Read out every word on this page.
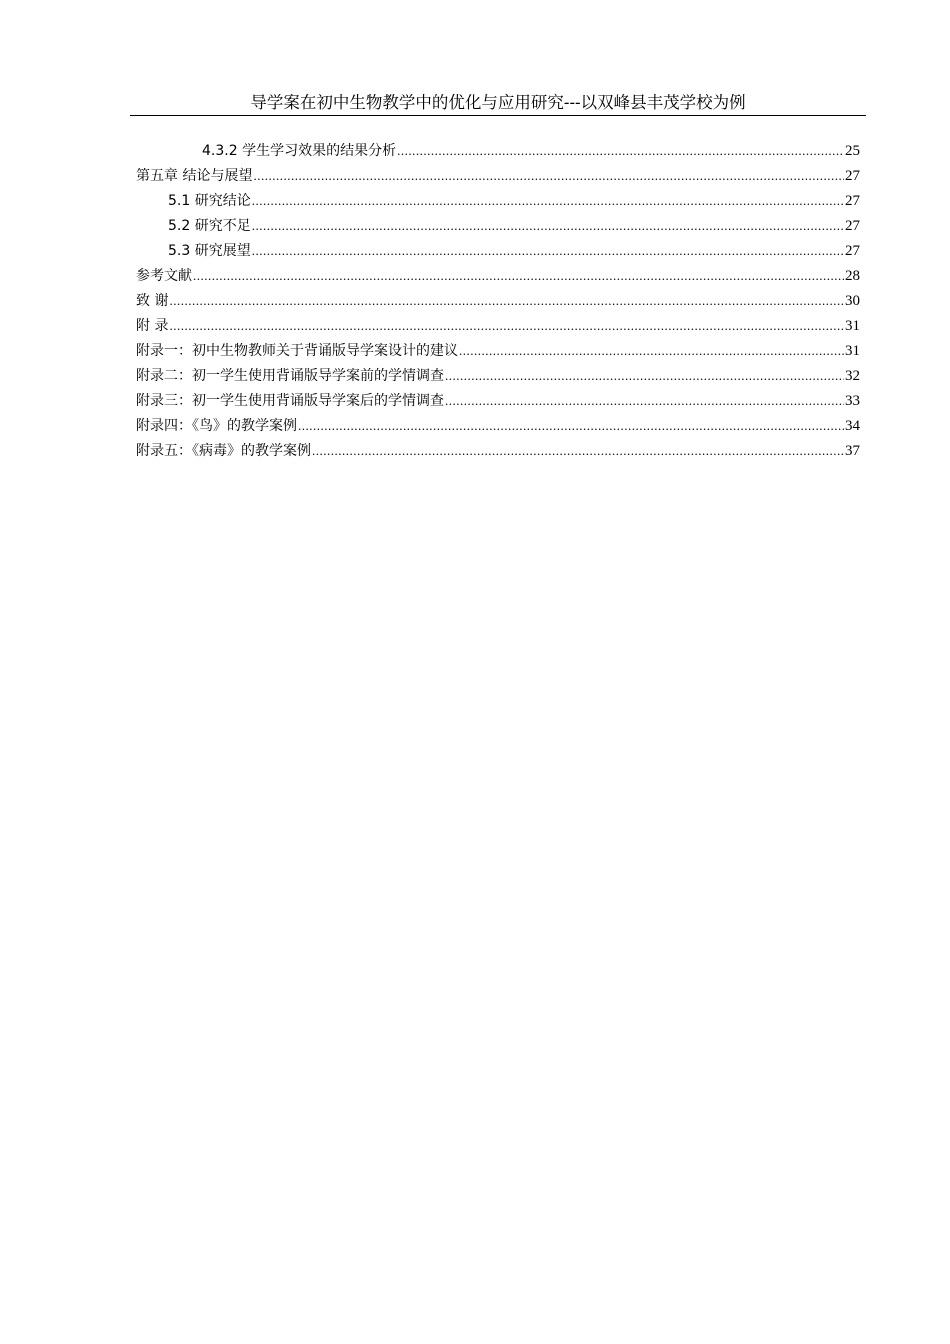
导学案在初中生物教学中的优化与应用研究---以双峰县丰茂学校为例
4.3.2 学生学习效果的结果分析 .....	25
第五章 结论与展望 .....	27
5.1 研究结论 .....	27
5.2 研究不足 .....	27
5.3 研究展望 .....	27
参考文献 .....	28
致 谢 .....	30
附 录 .....	31
附录一：初中生物教师关于背诵版导学案设计的建议 .....	31
附录二：初一学生使用背诵版导学案前的学情调查 .....	32
附录三：初一学生使用背诵版导学案后的学情调查 .....	33
附录四：《鸟》的教学案例 .....	34
附录五：《病毒》的教学案例 .....	37
